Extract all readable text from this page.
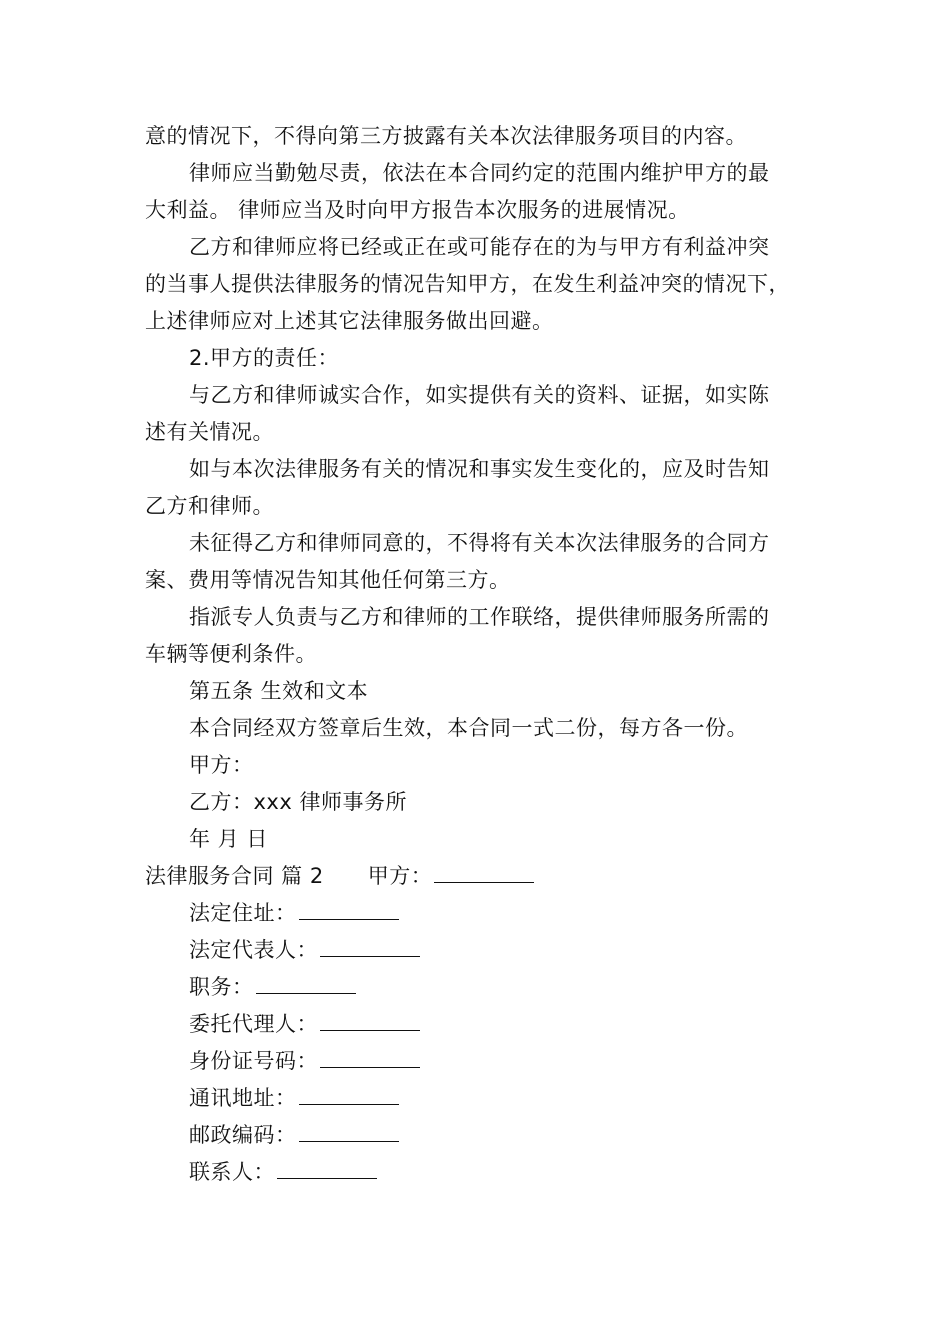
意的情况下，不得向第三方披露有关本次法律服务项目的内容。
律师应当勤勉尽责，依法在本合同约定的范围内维护甲方的最
大利益。 律师应当及时向甲方报告本次服务的进展情况。
乙方和律师应将已经或正在或可能存在的为与甲方有利益冲突
的当事人提供法律服务的情况告知甲方，在发生利益冲突的情况下，
上述律师应对上述其它法律服务做出回避。
2.甲方的责任：
与乙方和律师诚实合作，如实提供有关的资料、证据，如实陈
述有关情况。
如与本次法律服务有关的情况和事实发生变化的，应及时告知
乙方和律师。
未征得乙方和律师同意的，不得将有关本次法律服务的合同方
案、费用等情况告知其他任何第三方。
指派专人负责与乙方和律师的工作联络，提供律师服务所需的
车辆等便利条件。
第五条 生效和文本
本合同经双方签章后生效，本合同一式二份，每方各一份。
甲方：
乙方：xxx 律师事务所
年 月 日
法律服务合同 篇 2 甲方：
法定住址：
法定代表人：
职务：
委托代理人：
身份证号码：
通讯地址：
邮政编码：
联系人：
